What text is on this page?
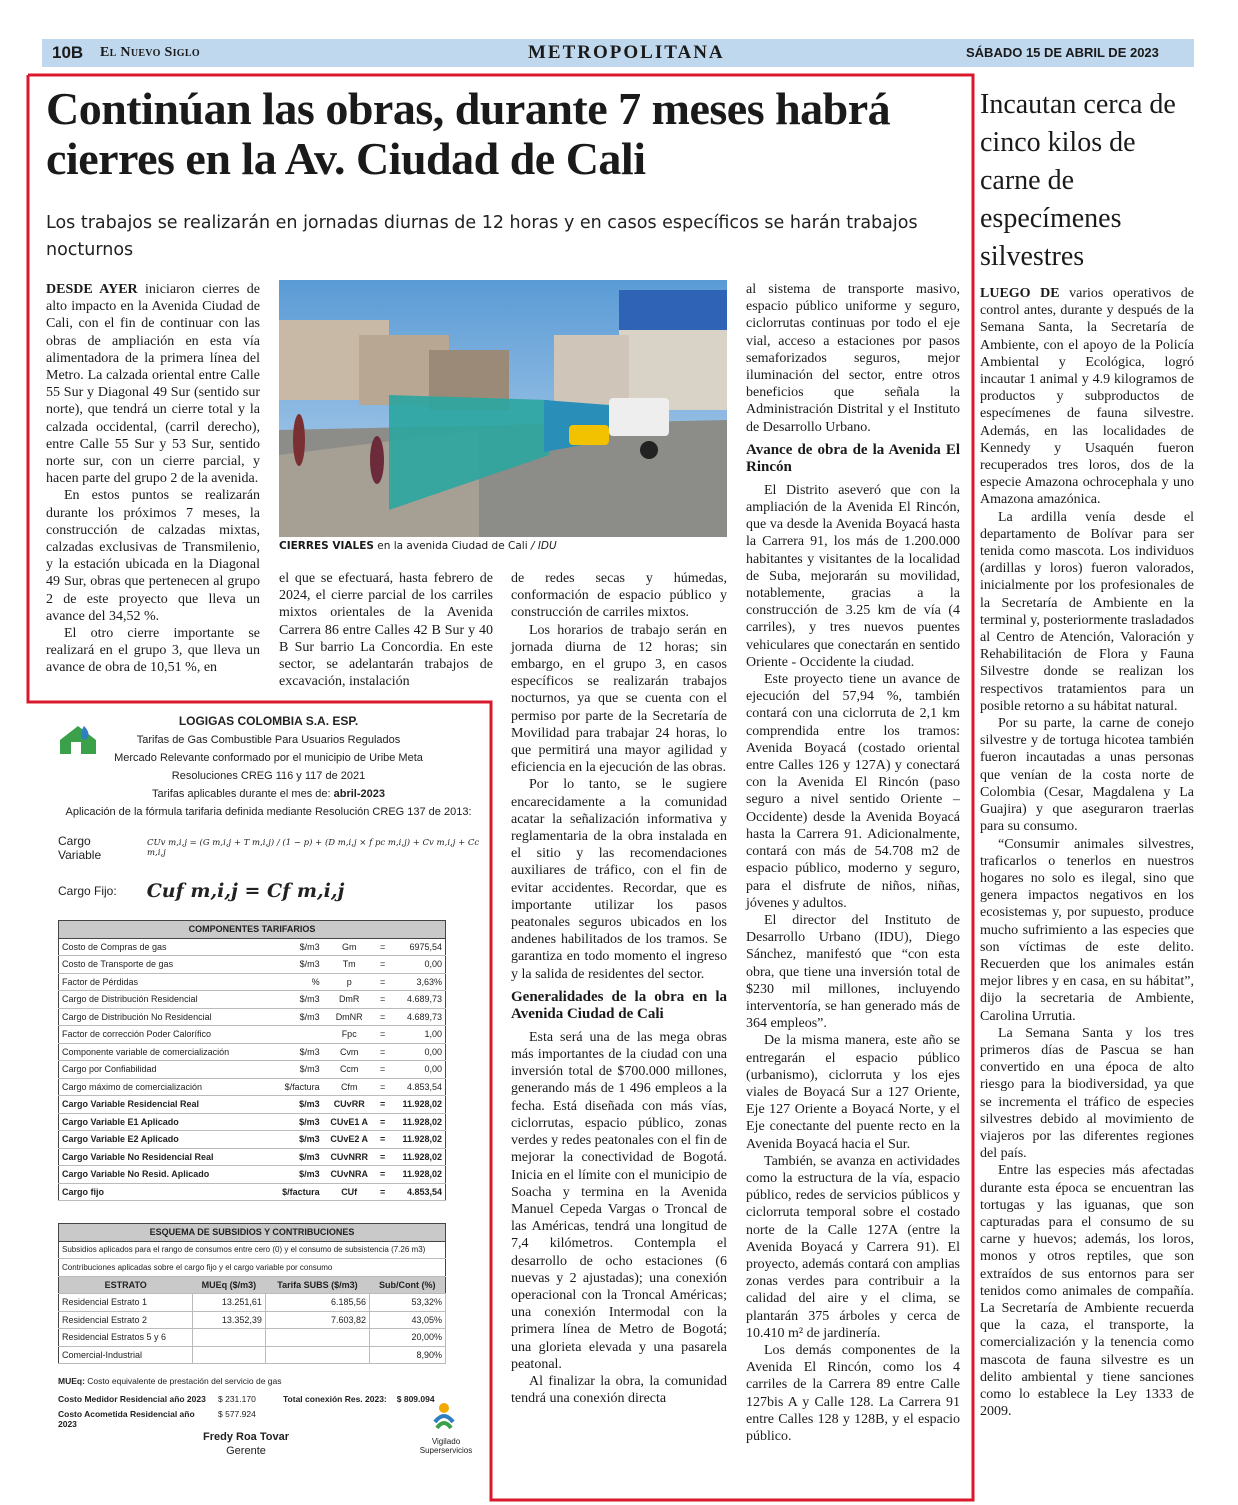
10B El Nuevo Siglo	METROPOLITANA	SÁBADO 15 DE ABRIL DE 2023
Continúan las obras, durante 7 meses habrá cierres en la Av. Ciudad de Cali
Los trabajos se realizarán en jornadas diurnas de 12 horas y en casos específicos se harán trabajos nocturnos

DESDE AYER iniciaron cierres de alto impacto en la Avenida Ciudad de Cali, con el fin de continuar con las obras de ampliación en esta vía alimentadora de la primera línea del Metro. La calzada oriental entre Calle 55 Sur y Diagonal 49 Sur (sentido sur norte), que tendrá un cierre total y la calzada occidental, (carril derecho), entre Calle 55 Sur y 53 Sur, sentido norte sur, con un cierre parcial, y hacen parte del grupo 2 de la avenida.

En estos puntos se realizarán durante los próximos 7 meses, la construcción de calzadas mixtas, calzadas exclusivas de Transmilenio, y la estación ubicada en la Diagonal 49 Sur, obras que pertenecen al grupo 2 de este proyecto que lleva un avance del 34,52 %.

El otro cierre importante se realizará en el grupo 3, que lleva un avance de obra de 10,51 %, en

CIERRES VIALES en la avenida Ciudad de Cali / IDU

el que se efectuará, hasta febrero de 2024, el cierre parcial de los carriles mixtos orientales de la Avenida Carrera 86 entre Calles 42 B Sur y 40 B Sur barrio La Concordia. En este sector, se adelantarán trabajos de excavación, instalación

de redes secas y húmedas, conformación de espacio público y construcción de carriles mixtos.

Los horarios de trabajo serán en jornada diurna de 12 horas; sin embargo, en el grupo 3, en casos específicos se realizarán trabajos nocturnos, ya que se cuenta con el permiso por parte de la Secretaría de Movilidad para trabajar 24 horas, lo que permitirá una mayor agilidad y eficiencia en la ejecución de las obras.

Por lo tanto, se le sugiere encarecidamente a la comunidad acatar la señalización informativa y reglamentaria de la obra instalada en el sitio y las recomendaciones auxiliares de tráfico, con el fin de evitar accidentes. Recordar, que es importante utilizar los pasos peatonales seguros ubicados en los andenes habilitados de los tramos. Se garantiza en todo momento el ingreso y la salida de residentes del sector.

Generalidades de la obra en la Avenida Ciudad de Cali

Esta será una de las mega obras más importantes de la ciudad con una inversión total de $700.000 millones, generando más de 1 496 empleos a la fecha. Está diseñada con más vías, ciclorrutas, espacio público, zonas verdes y redes peatonales con el fin de mejorar la conectividad de Bogotá. Inicia en el límite con el municipio de Soacha y termina en la Avenida Manuel Cepeda Vargas o Troncal de las Américas, tendrá una longitud de 7,4 kilómetros. Contempla el desarrollo de ocho estaciones (6 nuevas y 2 ajustadas); una conexión operacional con la Troncal Américas; una conexión Intermodal con la primera línea de Metro de Bogotá; una glorieta elevada y una pasarela peatonal.

Al finalizar la obra, la comunidad tendrá una conexión directa

al sistema de transporte masivo, espacio público uniforme y seguro, ciclorrutas continuas por todo el eje vial, acceso a estaciones por pasos semaforizados seguros, mejor iluminación del sector, entre otros beneficios que señala la Administración Distrital y el Instituto de Desarrollo Urbano.

Avance de obra de la Avenida El Rincón

El Distrito aseveró que con la ampliación de la Avenida El Rincón, que va desde la Avenida Boyacá hasta la Carrera 91, los más de 1.200.000 habitantes y visitantes de la localidad de Suba, mejorarán su movilidad, notablemente, gracias a la construcción de 3.25 km de vía (4 carriles), y tres nuevos puentes vehiculares que conectarán en sentido Oriente - Occidente la ciudad.

Este proyecto tiene un avance de ejecución del 57,94 %, también contará con una ciclorruta de 2,1 km comprendida entre los tramos: Avenida Boyacá (costado oriental entre Calles 126 y 127A) y conectará con la Avenida El Rincón (paso seguro a nivel sentido Oriente – Occidente) desde la Avenida Boyacá hasta la Carrera 91. Adicionalmente, contará con más de 54.708 m2 de espacio público, moderno y seguro, para el disfrute de niños, niñas, jóvenes y adultos.

El director del Instituto de Desarrollo Urbano (IDU), Diego Sánchez, manifestó que “con esta obra, que tiene una inversión total de $230 mil millones, incluyendo interventoría, se han generado más de 364 empleos”.

De la misma manera, este año se entregarán el espacio público (urbanismo), ciclorruta y los ejes viales de Boyacá Sur a 127 Oriente, Eje 127 Oriente a Boyacá Norte, y el Eje conectante del puente recto en la Avenida Boyacá hacia el Sur.

También, se avanza en actividades como la estructura de la vía, espacio público, redes de servicios públicos y ciclorruta temporal sobre el costado norte de la Calle 127A (entre la Avenida Boyacá y Carrera 91). El proyecto, además contará con amplias zonas verdes para contribuir a la calidad del aire y el clima, se plantarán 375 árboles y cerca de 10.410 m² de jardinería.

Los demás componentes de la Avenida El Rincón, como los 4 carriles de la Carrera 89 entre Calle 127bis A y Calle 128. La Carrera 91 entre Calles 128 y 128B, y el espacio público.

Incautan cerca de cinco kilos de carne de especímenes silvestres

LUEGO DE varios operativos de control antes, durante y después de la Semana Santa, la Secretaría de Ambiente, con el apoyo de la Policía Ambiental y Ecológica, logró incautar 1 animal y 4.9 kilogramos de productos y subproductos de especímenes de fauna silvestre. Además, en las localidades de Kennedy y Usaquén fueron recuperados tres loros, dos de la especie Amazona ochrocephala y uno Amazona amazónica.

La ardilla venía desde el departamento de Bolívar para ser tenida como mascota. Los individuos (ardillas y loros) fueron valorados, inicialmente por los profesionales de la Secretaría de Ambiente en la terminal y, posteriormente trasladados al Centro de Atención, Valoración y Rehabilitación de Flora y Fauna Silvestre donde se realizan los respectivos tratamientos para un posible retorno a su hábitat natural.

Por su parte, la carne de conejo silvestre y de tortuga hicotea también fueron incautadas a unas personas que venían de la costa norte de Colombia (Cesar, Magdalena y La Guajira) y que aseguraron traerlas para su consumo.

“Consumir animales silvestres, traficarlos o tenerlos en nuestros hogares no solo es ilegal, sino que genera impactos negativos en los ecosistemas y, por supuesto, produce mucho sufrimiento a las especies que son víctimas de este delito. Recuerden que los animales están mejor libres y en casa, en su hábitat”, dijo la secretaria de Ambiente, Carolina Urrutia.

La Semana Santa y los tres primeros días de Pascua se han convertido en una época de alto riesgo para la biodiversidad, ya que se incrementa el tráfico de especies silvestres debido al movimiento de viajeros por las diferentes regiones del país.

Entre las especies más afectadas durante esta época se encuentran las tortugas y las iguanas, que son capturadas para el consumo de su carne y huevos; además, los loros, monos y otros reptiles, que son extraídos de sus entornos para ser tenidos como animales de compañía. La Secretaría de Ambiente recuerda que la caza, el transporte, la comercialización y la tenencia como mascota de fauna silvestre es un delito ambiental y tiene sanciones como lo establece la Ley 1333 de 2009.

LOGIGAS COLOMBIA S.A. ESP.
Tarifas de Gas Combustible Para Usuarios Regulados
Mercado Relevante conformado por el municipio de Uribe Meta
Resoluciones CREG 116 y 117 de 2021
Tarifas aplicables durante el mes de: abril-2023
Aplicación de la fórmula tarifaria definida mediante Resolución CREG 137 de 2013:
Cargo Variable
CUv m,i,j = (G m,i,j + T m,i,j) / (1 − p) + (D m,i,j × f pc m,i,j) + Cv m,i,j + Cc m,i,j
Cargo Fijo: Cuf m,i,j = Cf m,i,j
COMPONENTES TARIFARIOS				
Costo de Compras de gas	$/m3	Gm	=	6975,54
Costo de Transporte de gas	$/m3	Tm	=	0,00
Factor de Pérdidas	%	p	=	3,63%
Cargo de Distribución Residencial	$/m3	DmR	=	4.689,73
Cargo de Distribución No Residencial	$/m3	DmNR	=	4.689,73
Factor de corrección Poder Calorífico		Fpc	=	1,00
Componente variable de comercialización	$/m3	Cvm	=	0,00
Cargo por Confiabilidad	$/m3	Ccm	=	0,00
Cargo máximo de comercialización	$/factura	Cfm	=	4.853,54
Cargo Variable Residencial Real	$/m3	CUvRR	=	11.928,02
Cargo Variable E1 Aplicado	$/m3	CUvE1 A	=	11.928,02
Cargo Variable E2 Aplicado	$/m3	CUvE2 A	=	11.928,02
Cargo Variable No Residencial Real	$/m3	CUvNRR	=	11.928,02
Cargo Variable No Resid. Aplicado	$/m3	CUvNRA	=	11.928,02
Cargo fijo	$/factura	CUf	=	4.853,54
ESQUEMA DE SUBSIDIOS Y CONTRIBUCIONES			
Subsidios aplicados para el rango de consumos entre cero (0) y el consumo de subsistencia (7.26 m3)			
Contribuciones aplicadas sobre el cargo fijo y el cargo variable por consumo			
ESTRATO	MUEq ($/m3)	Tarifa SUBS ($/m3)	Sub/Cont (%)
Residencial Estrato 1	13.251,61	6.185,56	53,32%
Residencial Estrato 2	13.352,39	7.603,82	43,05%
Residencial Estratos 5 y 6			20,00%
Comercial-Industrial			8,90%
MUEq: Costo equivalente de prestación del servicio de gas
Costo Medidor Residencial año 2023 $ 231.170	Total conexión Res. 2023: $ 809.094
Costo Acometida Residencial año 2023
$ 577.924
Fredy Roa Tovar
Gerente
Vigilado
Superservicios
